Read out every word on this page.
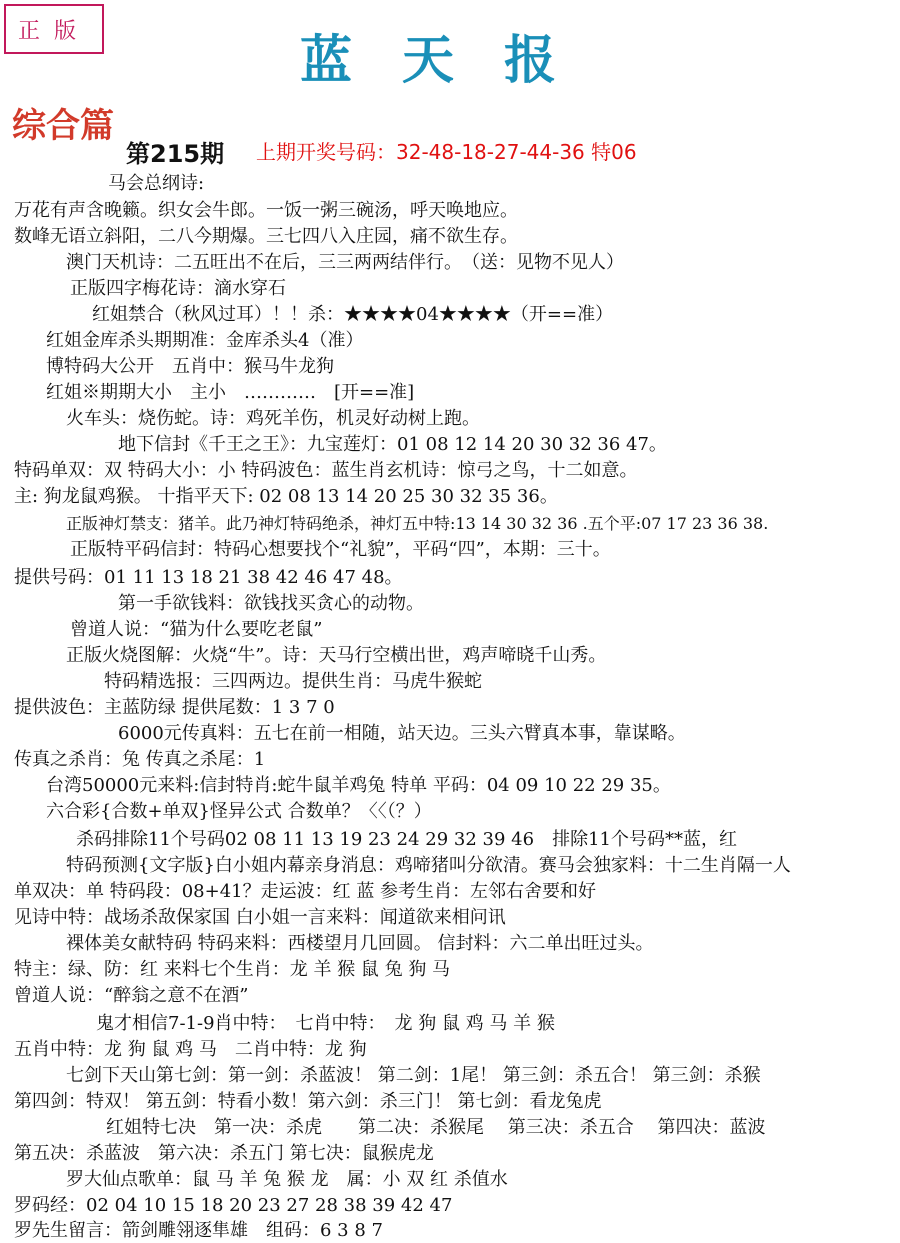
正版	蓝天报
综合篇
第215期 上期开奖号码：32-48-18-27-44-36 特06
马会总纲诗:
万花有声含晚籁。织女会牛郎。一饭一粥三碗汤，呼天唤地应。
数峰无语立斜阳，二八今期爆。三七四八入庄园，痛不欲生存。
澳门天机诗：二五旺出不在后，三三两两结伴行。　（送：见物不见人）
正版四字梅花诗：滴水穿石
红姐禁合（秋风过耳）！！杀：★★★★04★★★★（开==准）
红姐金库杀头期期准：金库杀头4（准）
博特码大公开　五肖中：猴马牛龙狗
红姐※期期大小　主小　…………　[开==准]
火车头：烧伤蛇。诗：鸡死羊伤，机灵好动树上跑。
地下信封《千王之王》：九宝莲灯：01 08 12 14 20 30 32 36 47。
特码单双：双 特码大小：小 特码波色：蓝生肖玄机诗：惊弓之鸟，十二如意。
主: 狗龙鼠鸡猴。 十指平天下: 02 08 13 14 20 25 30 32 35 36。
正版神灯禁支：猪羊。此乃神灯特码绝杀，神灯五中特:13 14 30 32 36 .五个平:07 17 23 36 38.
正版特平码信封：特码心想要找个“礼貌”，平码“四”，本期：三十。
提供号码：01 11 13 18 21 38 42 46 47 48。
第一手欲钱料：欲钱找买贪心的动物。
曾道人说：“猫为什么要吃老鼠”
正版火烧图解：火烧“牛”。诗：天马行空横出世，鸡声啼晓千山秀。
特码精选报：三四两边。提供生肖：马虎牛猴蛇
提供波色：主蓝防绿 提供尾数：1 3 7 0
6000元传真料：五七在前一相随，站天边。三头六臂真本事，靠谋略。
传真之杀肖：兔 传真之杀尾：1
台湾50000元来料:信封特肖:蛇牛鼠羊鸡兔 特单 平码：04 09 10 22 29 35。
六合彩{合数+单双}怪异公式 合数单？〈〈（？）
杀码排除11个号码02 08 11 13 19 23 24 29 32 39 46　排除11个号码**蓝，红
特码预测{文字版}白小姐内幕亲身消息：鸡啼猪叫分欲清。赛马会独家料：十二生肖隔一人
单双决：单 特码段：08+41？走运波：红 蓝 参考生肖：左邻右舍要和好
见诗中特：战场杀敌保家国 白小姐一言来料：闻道欲来相问讯
裸体美女献特码 特码来料：西楼望月几回圆。 信封料：六二单出旺过头。
特主：绿、防：红 来料七个生肖：龙 羊 猴 鼠 兔 狗 马
曾道人说：“醉翁之意不在酒”
鬼才相信7-1-9肖中特：　七肖中特：　龙 狗 鼠 鸡 马 羊 猴
五肖中特：龙 狗 鼠 鸡 马　二肖中特：龙 狗
七剑下天山第七剑：第一剑：杀蓝波！ 第二剑：1尾！ 第三剑：杀五合！ 第三剑：杀猴
第四剑：特双！ 第五剑：特看小数！第六剑：杀三门！ 第七剑：看龙兔虎
红姐特七决　第一决：杀虎　　第二决：杀猴尾　 第三决：杀五合　 第四决：蓝波
第五决：杀蓝波　第六决：杀五门 第七决：鼠猴虎龙
罗大仙点歌单：鼠 马 羊 兔 猴 龙　属：小 双 红 杀值水
罗码经：02 04 10 15 18 20 23 27 28 38 39 42 47
罗先生留言：箭剑雕翎逐隼雄　组码：6 3 8 7
